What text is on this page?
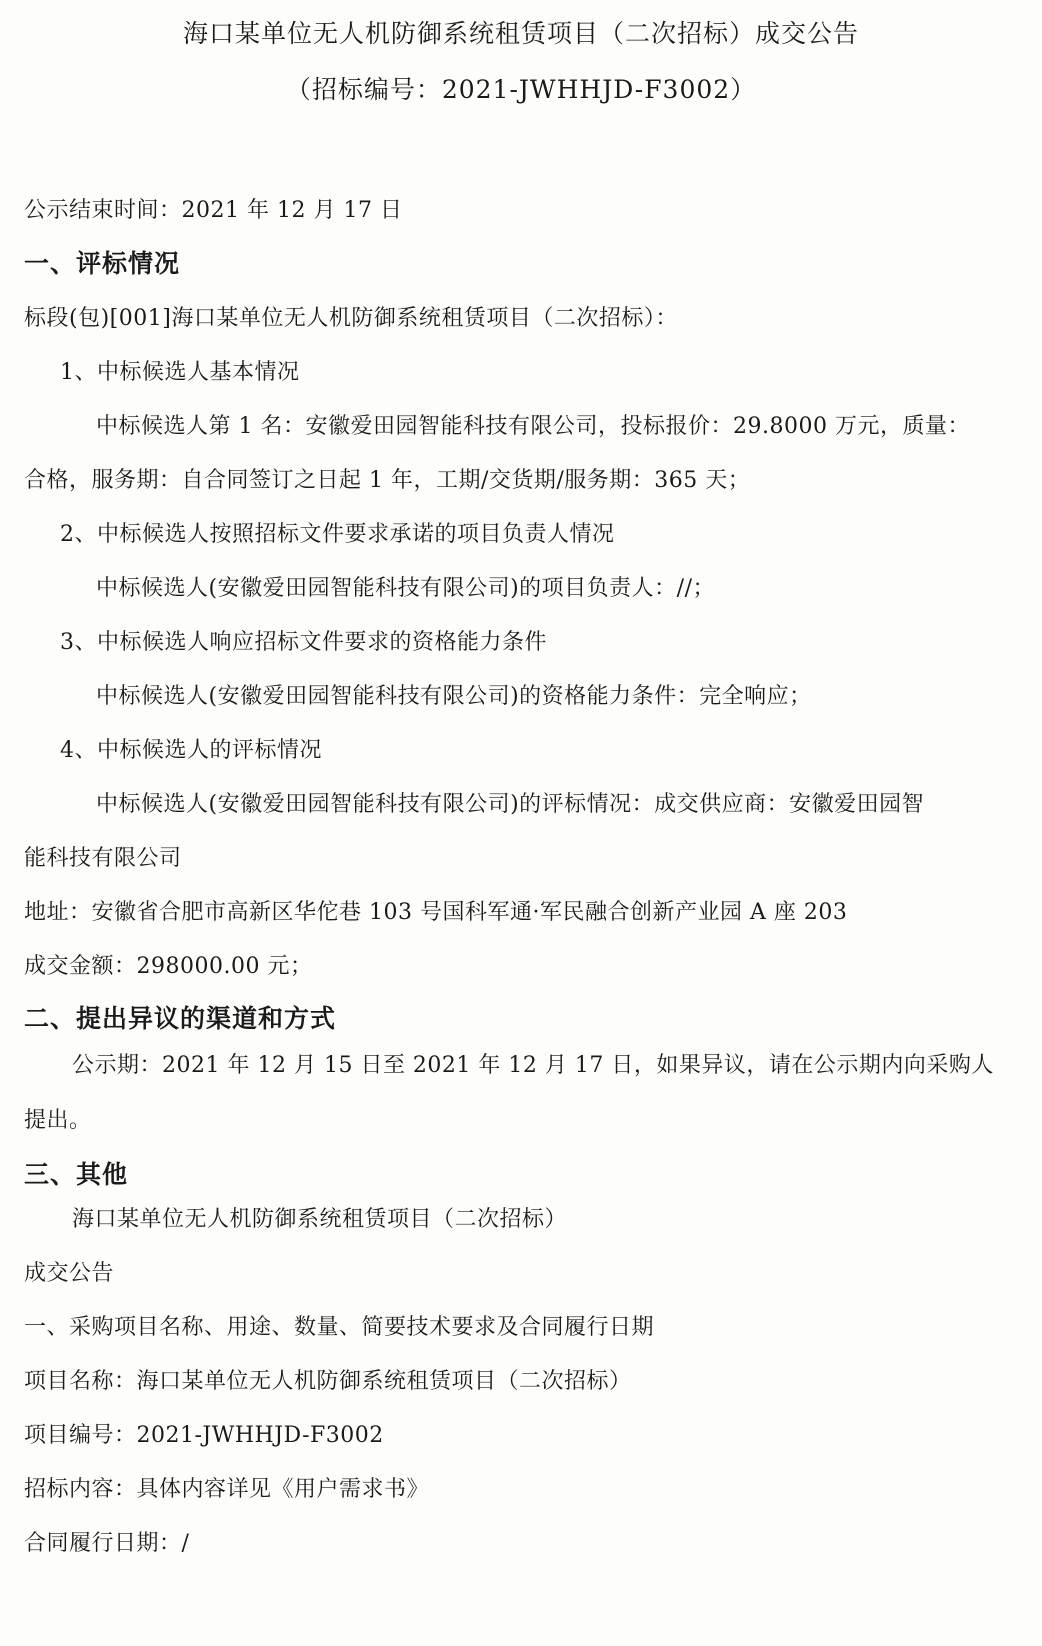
海口某单位无人机防御系统租赁项目（二次招标）成交公告
（招标编号：2021-JWHHJD-F3002）
公示结束时间：2021 年 12 月 17 日
一、评标情况
标段(包)[001]海口某单位无人机防御系统租赁项目（二次招标）：
1、中标候选人基本情况
中标候选人第 1 名：安徽爱田园智能科技有限公司，投标报价：29.8000 万元，质量：
合格，服务期：自合同签订之日起 1 年，工期/交货期/服务期：365 天；
2、中标候选人按照招标文件要求承诺的项目负责人情况
中标候选人(安徽爱田园智能科技有限公司)的项目负责人：//；
3、中标候选人响应招标文件要求的资格能力条件
中标候选人(安徽爱田园智能科技有限公司)的资格能力条件：完全响应；
4、中标候选人的评标情况
中标候选人(安徽爱田园智能科技有限公司)的评标情况：成交供应商：安徽爱田园智
能科技有限公司
地址：安徽省合肥市高新区华佗巷 103 号国科军通·军民融合创新产业园 A 座 203
成交金额：298000.00 元；
二、提出异议的渠道和方式
公示期：2021 年 12 月 15 日至 2021 年 12 月 17 日，如果异议，请在公示期内向采购人
提出。
三、其他
海口某单位无人机防御系统租赁项目（二次招标）
成交公告
一、采购项目名称、用途、数量、简要技术要求及合同履行日期
项目名称：海口某单位无人机防御系统租赁项目（二次招标）
项目编号：2021-JWHHJD-F3002
招标内容：具体内容详见《用户需求书》
合同履行日期：/
